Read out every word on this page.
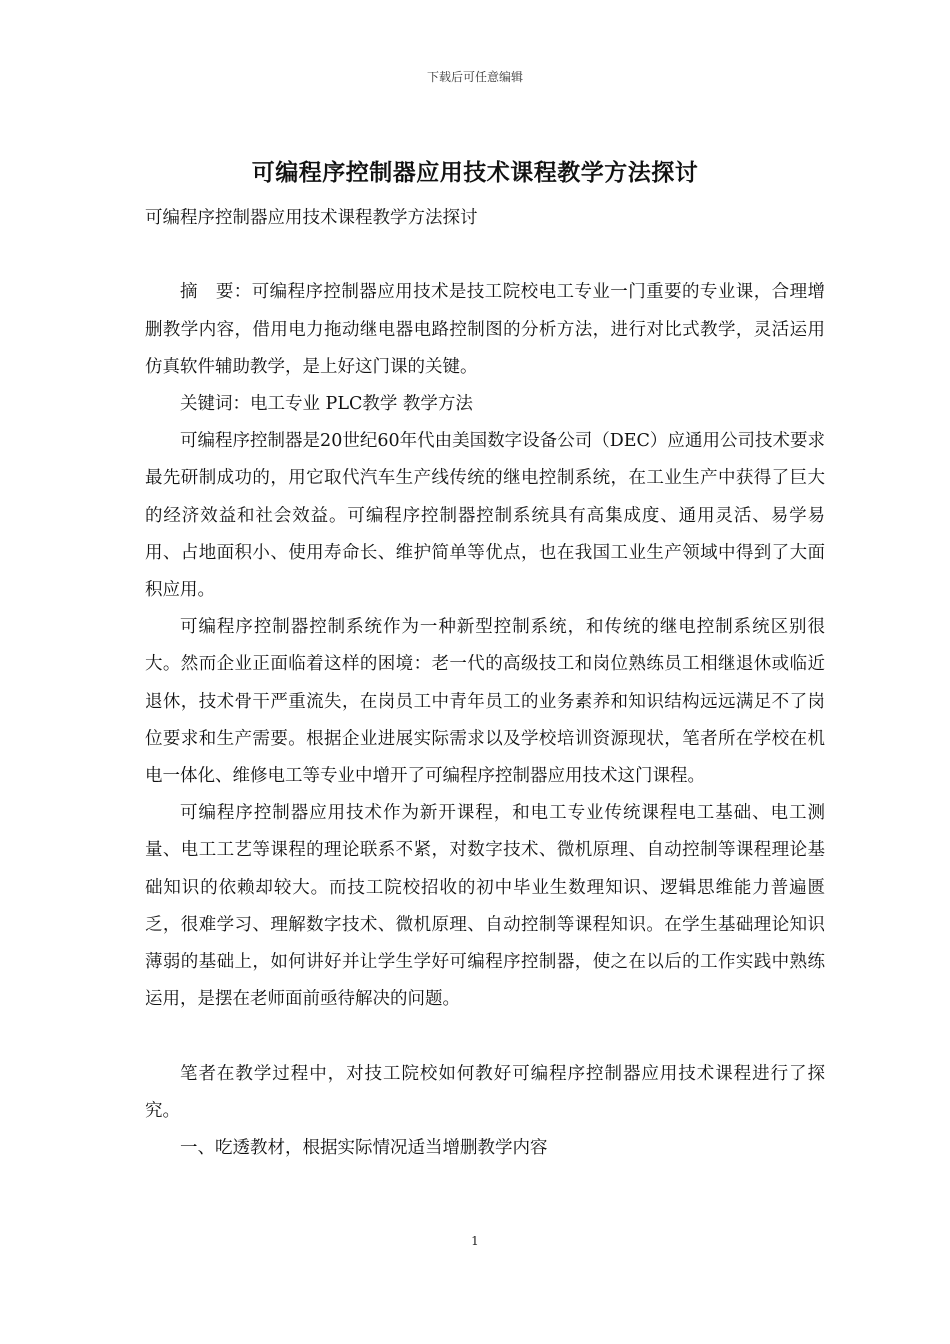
下载后可任意编辑
可编程序控制器应用技术课程教学方法探讨

可编程序控制器应用技术课程教学方法探讨

摘　要：可编程序控制器应用技术是技工院校电工专业一门重要的专业课，合理增删教学内容，借用电力拖动继电器电路控制图的分析方法，进行对比式教学，灵活运用仿真软件辅助教学，是上好这门课的关键。

关键词：电工专业 PLC教学 教学方法

可编程序控制器是20世纪60年代由美国数字设备公司（DEC）应通用公司技术要求最先研制成功的，用它取代汽车生产线传统的继电控制系统，在工业生产中获得了巨大的经济效益和社会效益。可编程序控制器控制系统具有高集成度、通用灵活、易学易用、占地面积小、使用寿命长、维护简单等优点，也在我国工业生产领域中得到了大面积应用。

可编程序控制器控制系统作为一种新型控制系统，和传统的继电控制系统区别很大。然而企业正面临着这样的困境：老一代的高级技工和岗位熟练员工相继退休或临近退休，技术骨干严重流失，在岗员工中青年员工的业务素养和知识结构远远满足不了岗位要求和生产需要。根据企业进展实际需求以及学校培训资源现状，笔者所在学校在机电一体化、维修电工等专业中增开了可编程序控制器应用技术这门课程。

可编程序控制器应用技术作为新开课程，和电工专业传统课程电工基础、电工测量、电工工艺等课程的理论联系不紧，对数字技术、微机原理、自动控制等课程理论基础知识的依赖却较大。而技工院校招收的初中毕业生数理知识、逻辑思维能力普遍匮乏，很难学习、理解数字技术、微机原理、自动控制等课程知识。在学生基础理论知识薄弱的基础上，如何讲好并让学生学好可编程序控制器，使之在以后的工作实践中熟练运用，是摆在老师面前亟待解决的问题。

笔者在教学过程中，对技工院校如何教好可编程序控制器应用技术课程进行了探究。

一、吃透教材，根据实际情况适当增删教学内容

1
